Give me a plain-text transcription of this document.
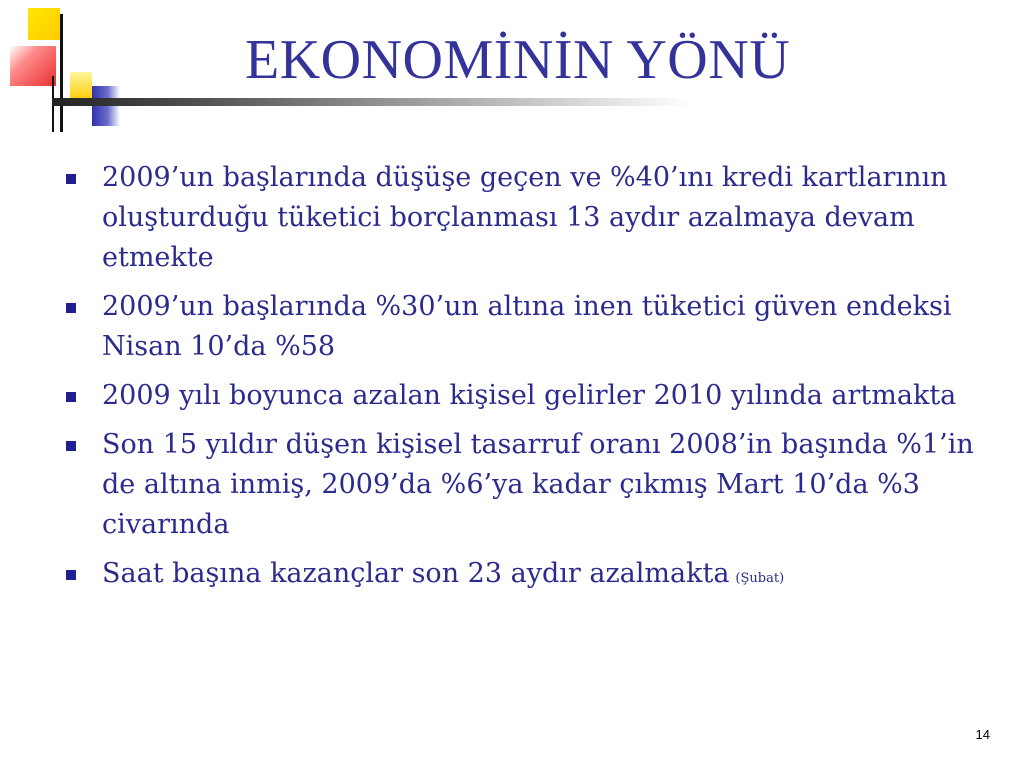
EKONOMİNİN YÖNÜ
2009’un başlarında düşüşe geçen ve %40’ını kredi kartlarının oluşturduğu tüketici borçlanması 13 aydır azalmaya devam etmekte
2009’un başlarında %30’un altına inen tüketici güven endeksi Nisan 10’da %58
2009 yılı boyunca azalan kişisel gelirler 2010 yılında artmakta
Son 15 yıldır düşen kişisel tasarruf oranı 2008’in başında %1’in de altına inmiş, 2009’da %6’ya kadar çıkmış Mart 10’da %3 civarında
Saat başına kazançlar son 23 aydır azalmakta (Şubat)
14
